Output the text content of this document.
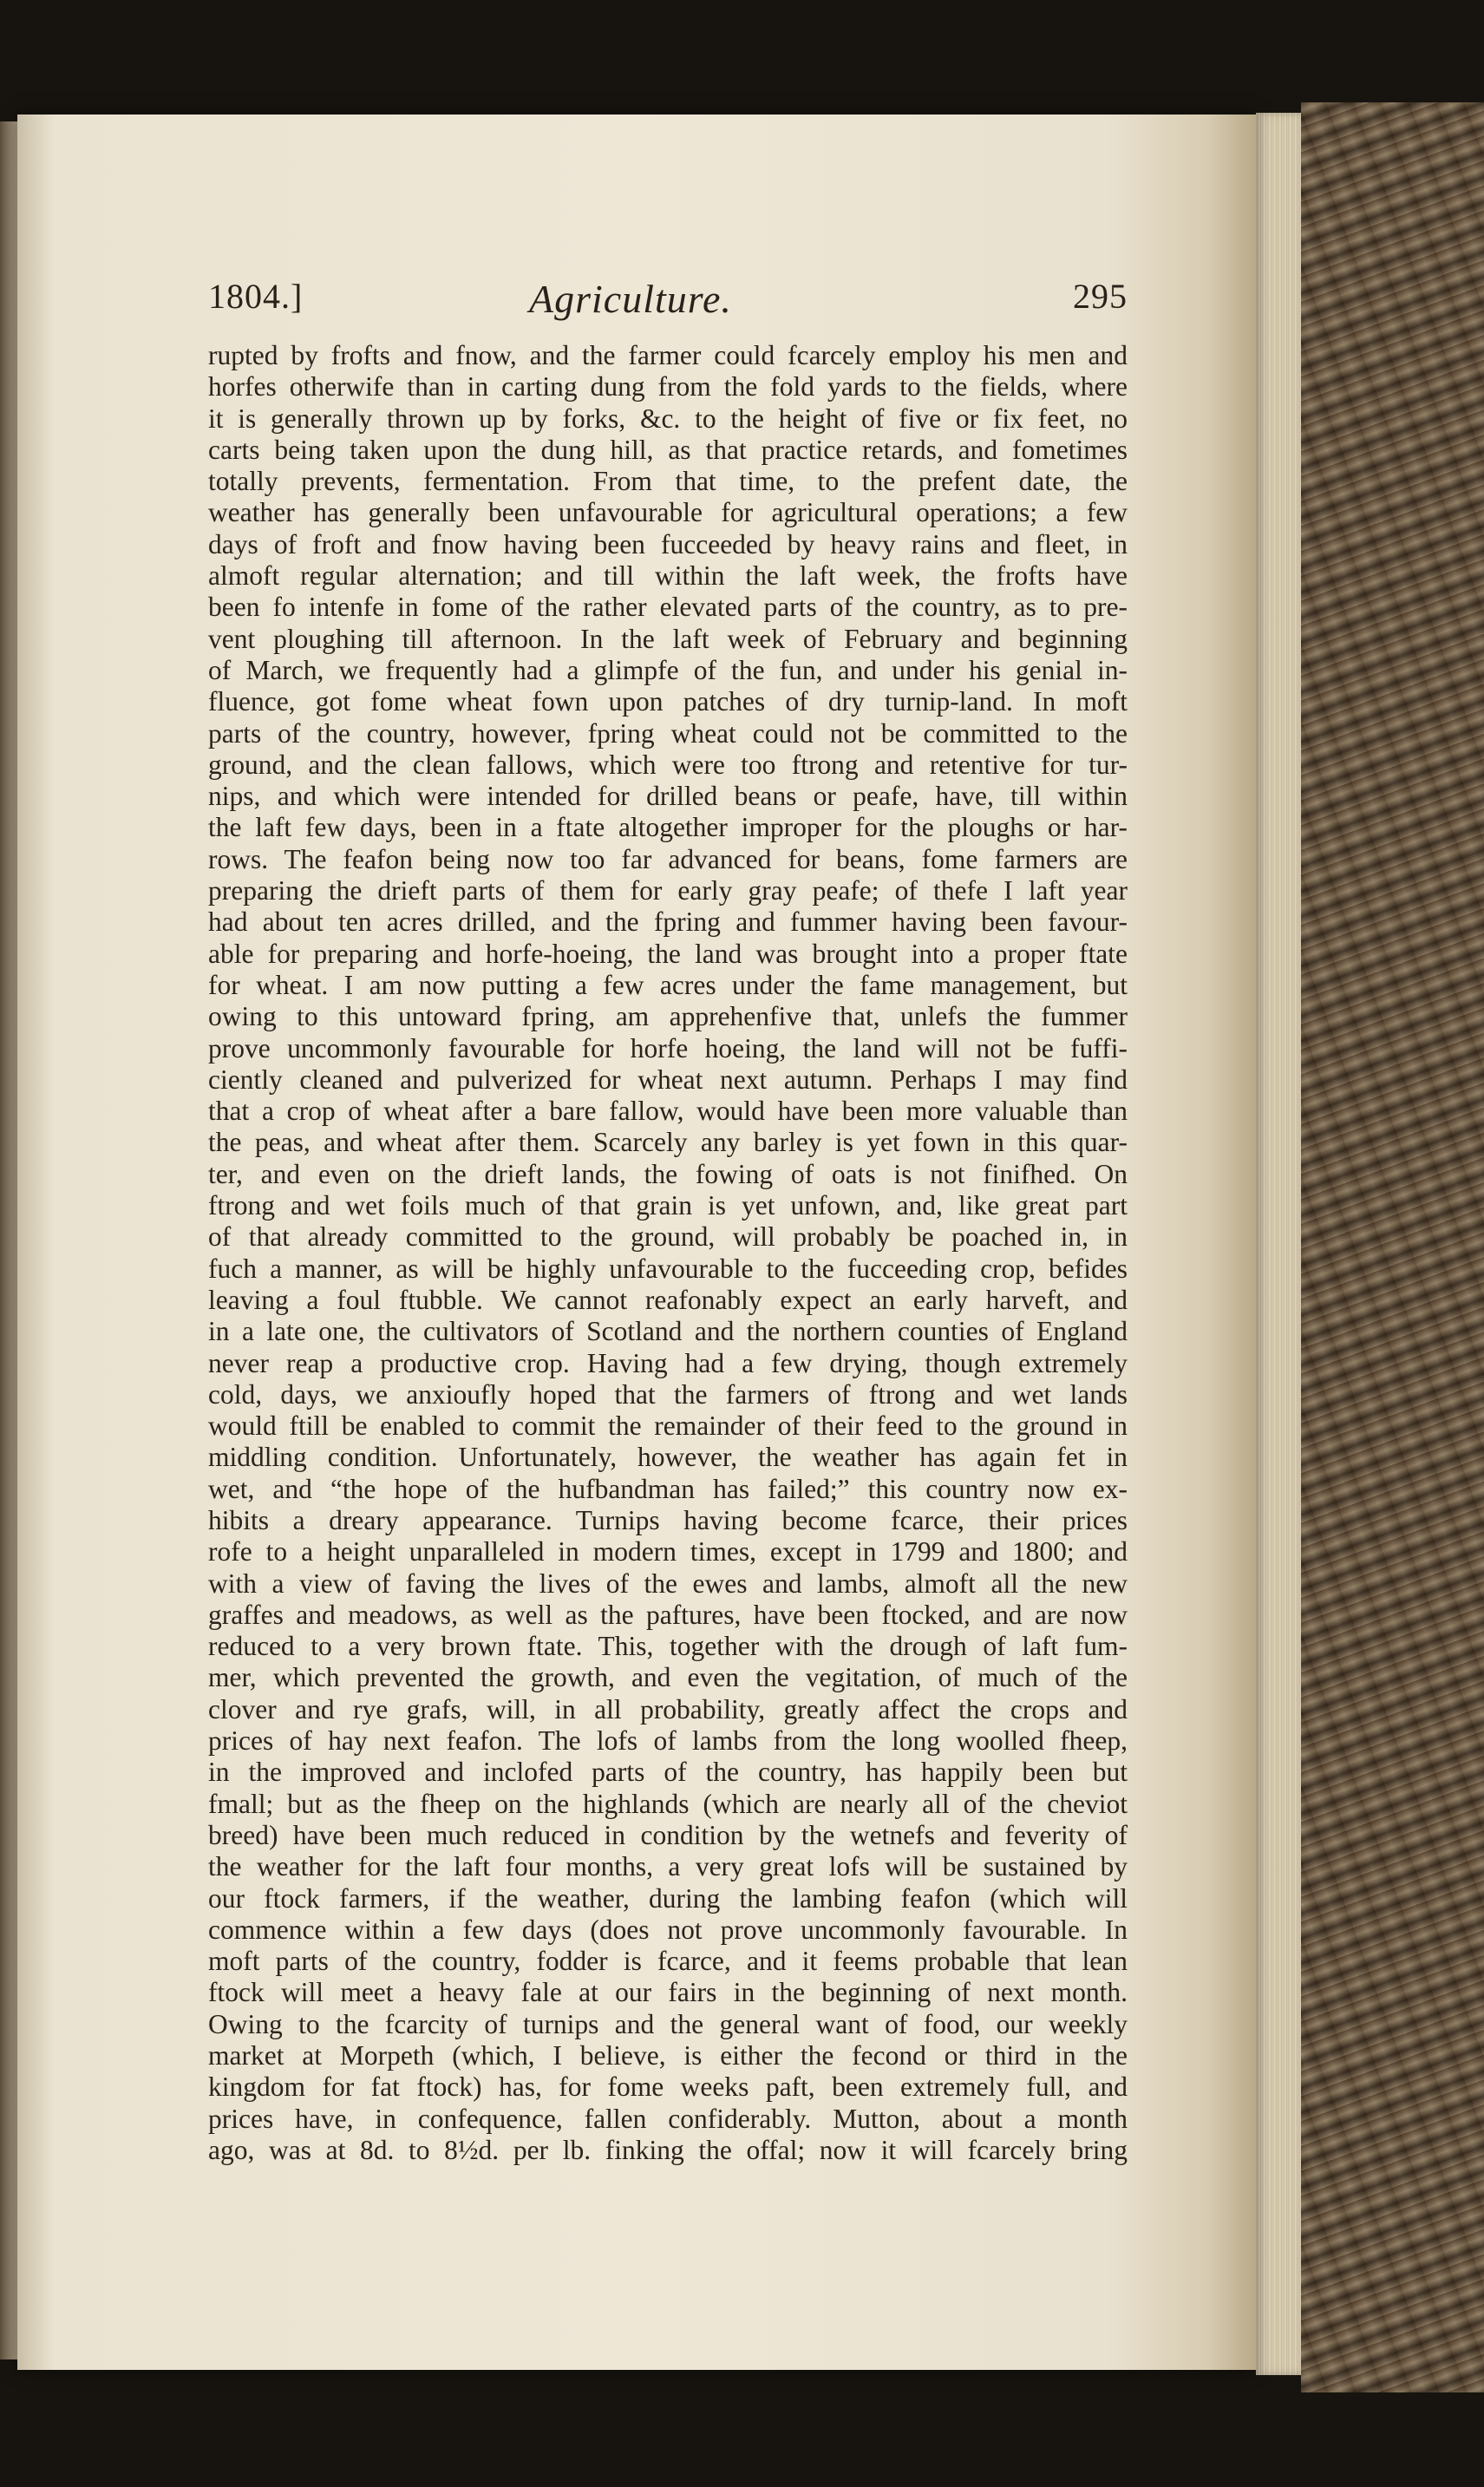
1804.]	Agriculture.	295
rupted by frofts and fnow, and the farmer could fcarcely employ his men and
horfes otherwife than in carting dung from the fold yards to the fields, where
it is generally thrown up by forks, &c. to the height of five or fix feet, no
carts being taken upon the dung hill, as that practice retards, and fometimes
totally prevents, fermentation. From that time, to the prefent date, the
weather has generally been unfavourable for agricultural operations; a few
days of froft and fnow having been fucceeded by heavy rains and fleet, in
almoft regular alternation; and till within the laft week, the frofts have
been fo intenfe in fome of the rather elevated parts of the country, as to pre-
vent ploughing till afternoon. In the laft week of February and beginning
of March, we frequently had a glimpfe of the fun, and under his genial in-
fluence, got fome wheat fown upon patches of dry turnip-land. In moft
parts of the country, however, fpring wheat could not be committed to the
ground, and the clean fallows, which were too ftrong and retentive for tur-
nips, and which were intended for drilled beans or peafe, have, till within
the laft few days, been in a ftate altogether improper for the ploughs or har-
rows. The feafon being now too far advanced for beans, fome farmers are
preparing the drieft parts of them for early gray peafe; of thefe I laft year
had about ten acres drilled, and the fpring and fummer having been favour-
able for preparing and horfe-hoeing, the land was brought into a proper ftate
for wheat. I am now putting a few acres under the fame management, but
owing to this untoward fpring, am apprehenfive that, unlefs the fummer
prove uncommonly favourable for horfe hoeing, the land will not be fuffi-
ciently cleaned and pulverized for wheat next autumn. Perhaps I may find
that a crop of wheat after a bare fallow, would have been more valuable than
the peas, and wheat after them. Scarcely any barley is yet fown in this quar-
ter, and even on the drieft lands, the fowing of oats is not finifhed. On
ftrong and wet foils much of that grain is yet unfown, and, like great part
of that already committed to the ground, will probably be poached in, in
fuch a manner, as will be highly unfavourable to the fucceeding crop, befides
leaving a foul ftubble. We cannot reafonably expect an early harveft, and
in a late one, the cultivators of Scotland and the northern counties of England
never reap a productive crop. Having had a few drying, though extremely
cold, days, we anxioufly hoped that the farmers of ftrong and wet lands
would ftill be enabled to commit the remainder of their feed to the ground in
middling condition. Unfortunately, however, the weather has again fet in
wet, and “the hope of the hufbandman has failed;” this country now ex-
hibits a dreary appearance. Turnips having become fcarce, their prices
rofe to a height unparalleled in modern times, except in 1799 and 1800; and
with a view of faving the lives of the ewes and lambs, almoft all the new
graffes and meadows, as well as the paftures, have been ftocked, and are now
reduced to a very brown ftate. This, together with the drough of laft fum-
mer, which prevented the growth, and even the vegitation, of much of the
clover and rye grafs, will, in all probability, greatly affect the crops and
prices of hay next feafon. The lofs of lambs from the long woolled fheep,
in the improved and inclofed parts of the country, has happily been but
fmall; but as the fheep on the highlands (which are nearly all of the cheviot
breed) have been much reduced in condition by the wetnefs and feverity of
the weather for the laft four months, a very great lofs will be sustained by
our ftock farmers, if the weather, during the lambing feafon (which will
commence within a few days (does not prove uncommonly favourable. In
moft parts of the country, fodder is fcarce, and it feems probable that lean
ftock will meet a heavy fale at our fairs in the beginning of next month.
Owing to the fcarcity of turnips and the general want of food, our weekly
market at Morpeth (which, I believe, is either the fecond or third in the
kingdom for fat ftock) has, for fome weeks paft, been extremely full, and
prices have, in confequence, fallen confiderably. Mutton, about a month
ago, was at 8d. to 8½d. per lb. finking the offal; now it will fcarcely bring
